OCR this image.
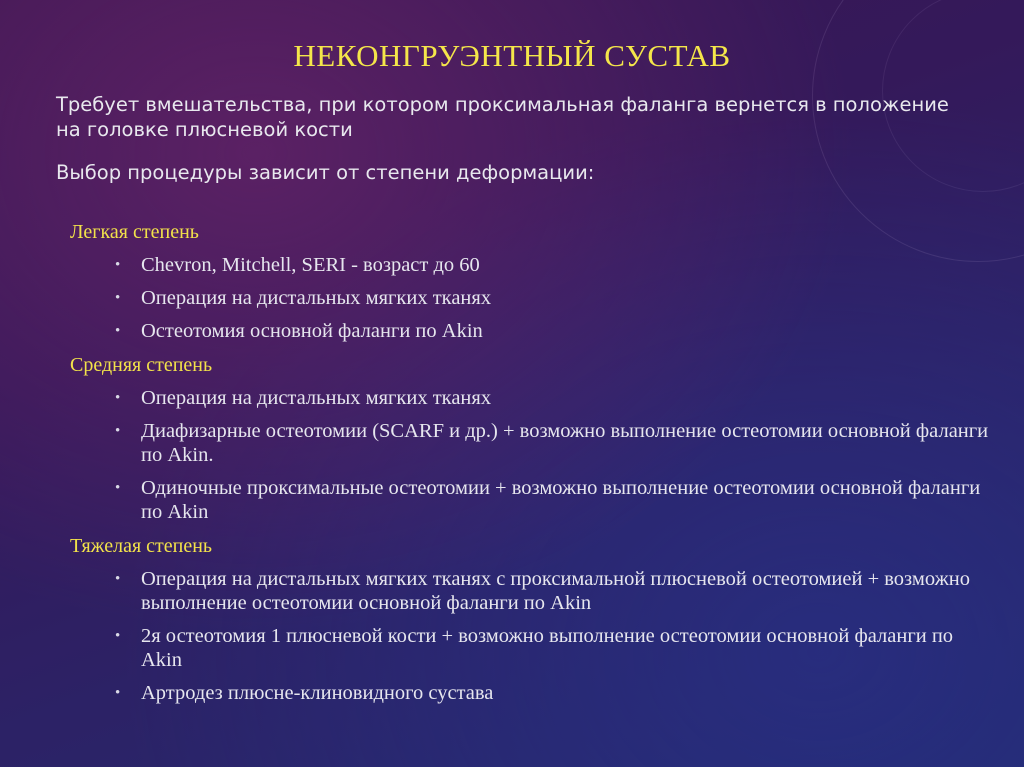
НЕКОНГРУЭНТНЫЙ СУСТАВ
Требует вмешательства, при котором проксимальная фаланга вернется в положение на головке плюсневой кости
Выбор процедуры зависит от степени деформации:
Легкая степень
• Chevron, Mitchell, SERI - возраст до 60
• Операция на дистальных мягких тканях
• Остеотомия основной фаланги по Akin
Средняя степень
• Операция на дистальных мягких тканях
• Диафизарные остеотомии (SCARF и др.) + возможно выполнение остеотомии основной фаланги по Akin.
• Одиночные проксимальные остеотомии + возможно выполнение остеотомии основной фаланги по Akin
Тяжелая степень
• Операция на дистальных мягких тканях с проксимальной плюсневой остеотомией + возможно выполнение остеотомии основной фаланги по Akin
• 2я остеотомия 1 плюсневой кости + возможно выполнение остеотомии основной фаланги по Akin
• Артродез плюсне-клиновидного сустава
